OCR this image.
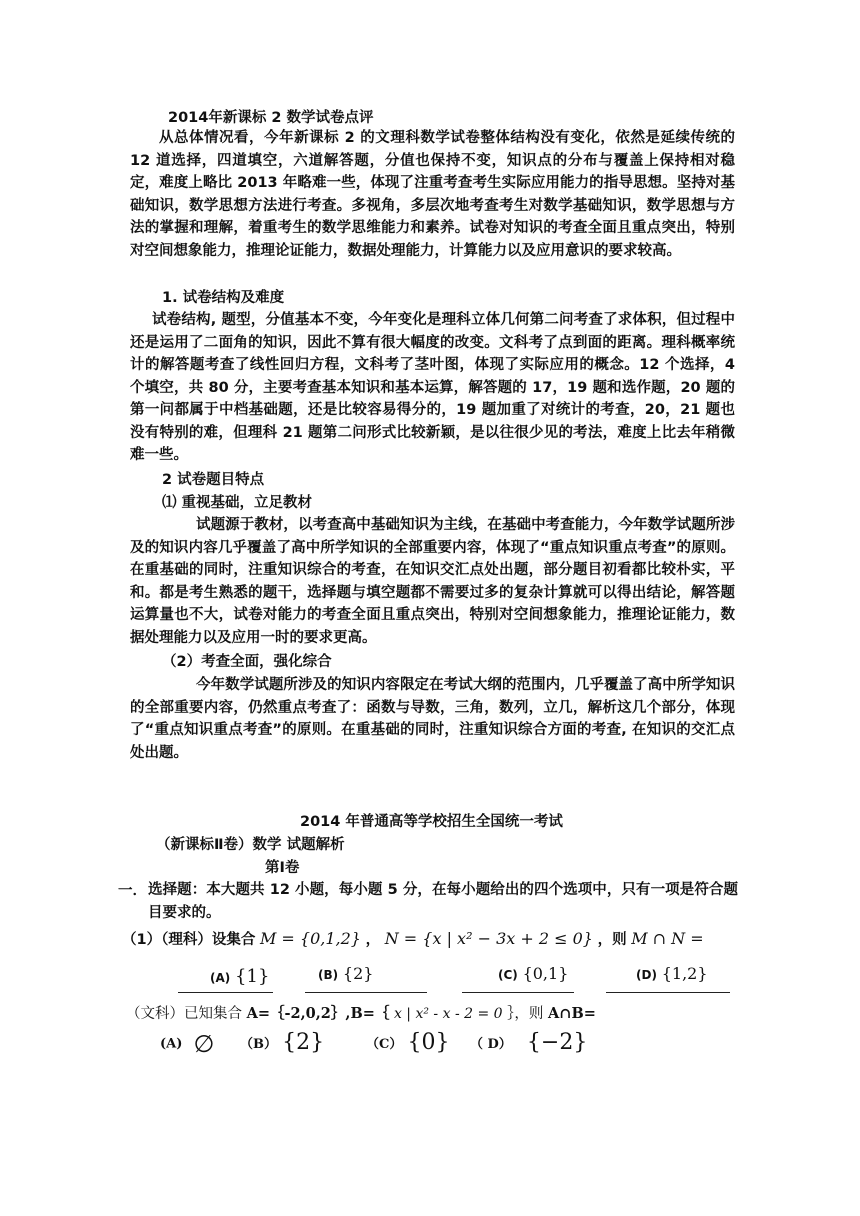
2014年新课标 2 数学试卷点评
从总体情况看，今年新课标 2 的文理科数学试卷整体结构没有变化，依然是延续传统的 12 道选择，四道填空，六道解答题，分值也保持不变，知识点的分布与覆盖上保持相对稳定，难度上略比 2013 年略难一些，体现了注重考查考生实际应用能力的指导思想。坚持对基础知识，数学思想方法进行考查。多视角，多层次地考查考生对数学基础知识，数学思想与方法的掌握和理解，着重考生的数学思维能力和素养。试卷对知识的考查全面且重点突出，特别对空间想象能力，推理论证能力，数据处理能力，计算能力以及应用意识的要求较高。
1. 试卷结构及难度
试卷结构, 题型，分值基本不变，今年变化是理科立体几何第二问考查了求体积，但过程中还是运用了二面角的知识，因此不算有很大幅度的改变。文科考了点到面的距离。理科概率统计的解答题考查了线性回归方程，文科考了茎叶图，体现了实际应用的概念。12 个选择，4 个填空，共 80 分，主要考查基本知识和基本运算，解答题的 17，19 题和选作题，20 题的第一问都属于中档基础题，还是比较容易得分的，19 题加重了对统计的考查，20，21 题也没有特别的难，但理科 21 题第二问形式比较新颖，是以往很少见的考法，难度上比去年稍微难一些。
2 试卷题目特点
⑴ 重视基础，立足教材
试题源于教材，以考查高中基础知识为主线，在基础中考查能力，今年数学试题所涉及的知识内容几乎覆盖了高中所学知识的全部重要内容，体现了“重点知识重点考查”的原则。在重基础的同时，注重知识综合的考查，在知识交汇点处出题，部分题目初看都比较朴实，平和。都是考生熟悉的题干，选择题与填空题都不需要过多的复杂计算就可以得出结论，解答题运算量也不大，试卷对能力的考查全面且重点突出，特别对空间想象能力，推理论证能力，数据处理能力以及应用一时的要求更高。
（2）考查全面，强化综合
今年数学试题所涉及的知识内容限定在考试大纲的范围内，几乎覆盖了高中所学知识的全部重要内容，仍然重点考查了：函数与导数，三角，数列，立几，解析这几个部分，体现了“重点知识重点考查”的原则。在重基础的同时，注重知识综合方面的考查, 在知识的交汇点处出题。
2014 年普通高等学校招生全国统一考试
（新课标Ⅱ卷）数学 试题解析
第Ⅰ卷
一． 选择题：本大题共 12 小题，每小题 5 分，在每小题给出的四个选项中，只有一项是符合题目要求的。
（1）（理科）设集合 M = {0,1,2} ， N = {x | x² − 3x + 2 ≤ 0} ，则 M ∩ N =
(A) {1}	(B) {2}	(C) {0,1}	(D) {1,2}
（文科）已知集合 A=｛-2,0,2｝,B=｛ x | x² - x - 2 = 0 ｝，则 A∩B=
(A) ∅ （B） {2}	（C） {0} （ D） {−2}
